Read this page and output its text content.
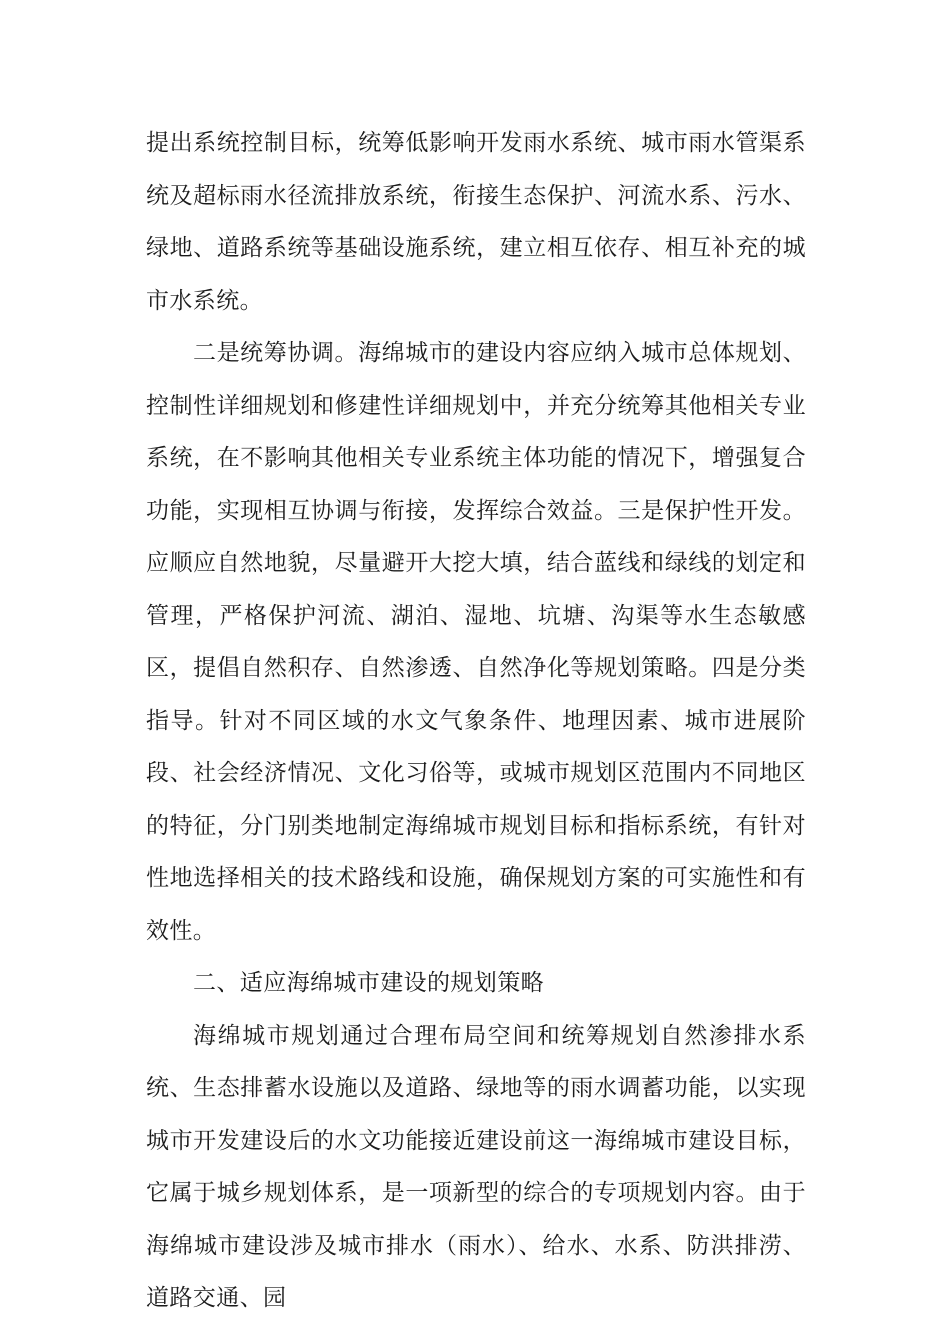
提出系统控制目标，统筹低影响开发雨水系统、城市雨水管渠系统及超标雨水径流排放系统，衔接生态保护、河流水系、污水、绿地、道路系统等基础设施系统，建立相互依存、相互补充的城市水系统。

二是统筹协调。海绵城市的建设内容应纳入城市总体规划、控制性详细规划和修建性详细规划中，并充分统筹其他相关专业系统，在不影响其他相关专业系统主体功能的情况下，增强复合功能，实现相互协调与衔接，发挥综合效益。三是保护性开发。应顺应自然地貌，尽量避开大挖大填，结合蓝线和绿线的划定和管理，严格保护河流、湖泊、湿地、坑塘、沟渠等水生态敏感区，提倡自然积存、自然渗透、自然净化等规划策略。四是分类指导。针对不同区域的水文气象条件、地理因素、城市进展阶段、社会经济情况、文化习俗等，或城市规划区范围内不同地区的特征，分门别类地制定海绵城市规划目标和指标系统，有针对性地选择相关的技术路线和设施，确保规划方案的可实施性和有效性。

二、适应海绵城市建设的规划策略

海绵城市规划通过合理布局空间和统筹规划自然渗排水系统、生态排蓄水设施以及道路、绿地等的雨水调蓄功能，以实现城市开发建设后的水文功能接近建设前这一海绵城市建设目标，它属于城乡规划体系，是一项新型的综合的专项规划内容。由于海绵城市建设涉及城市排水（雨水）、给水、水系、防洪排涝、道路交通、园
